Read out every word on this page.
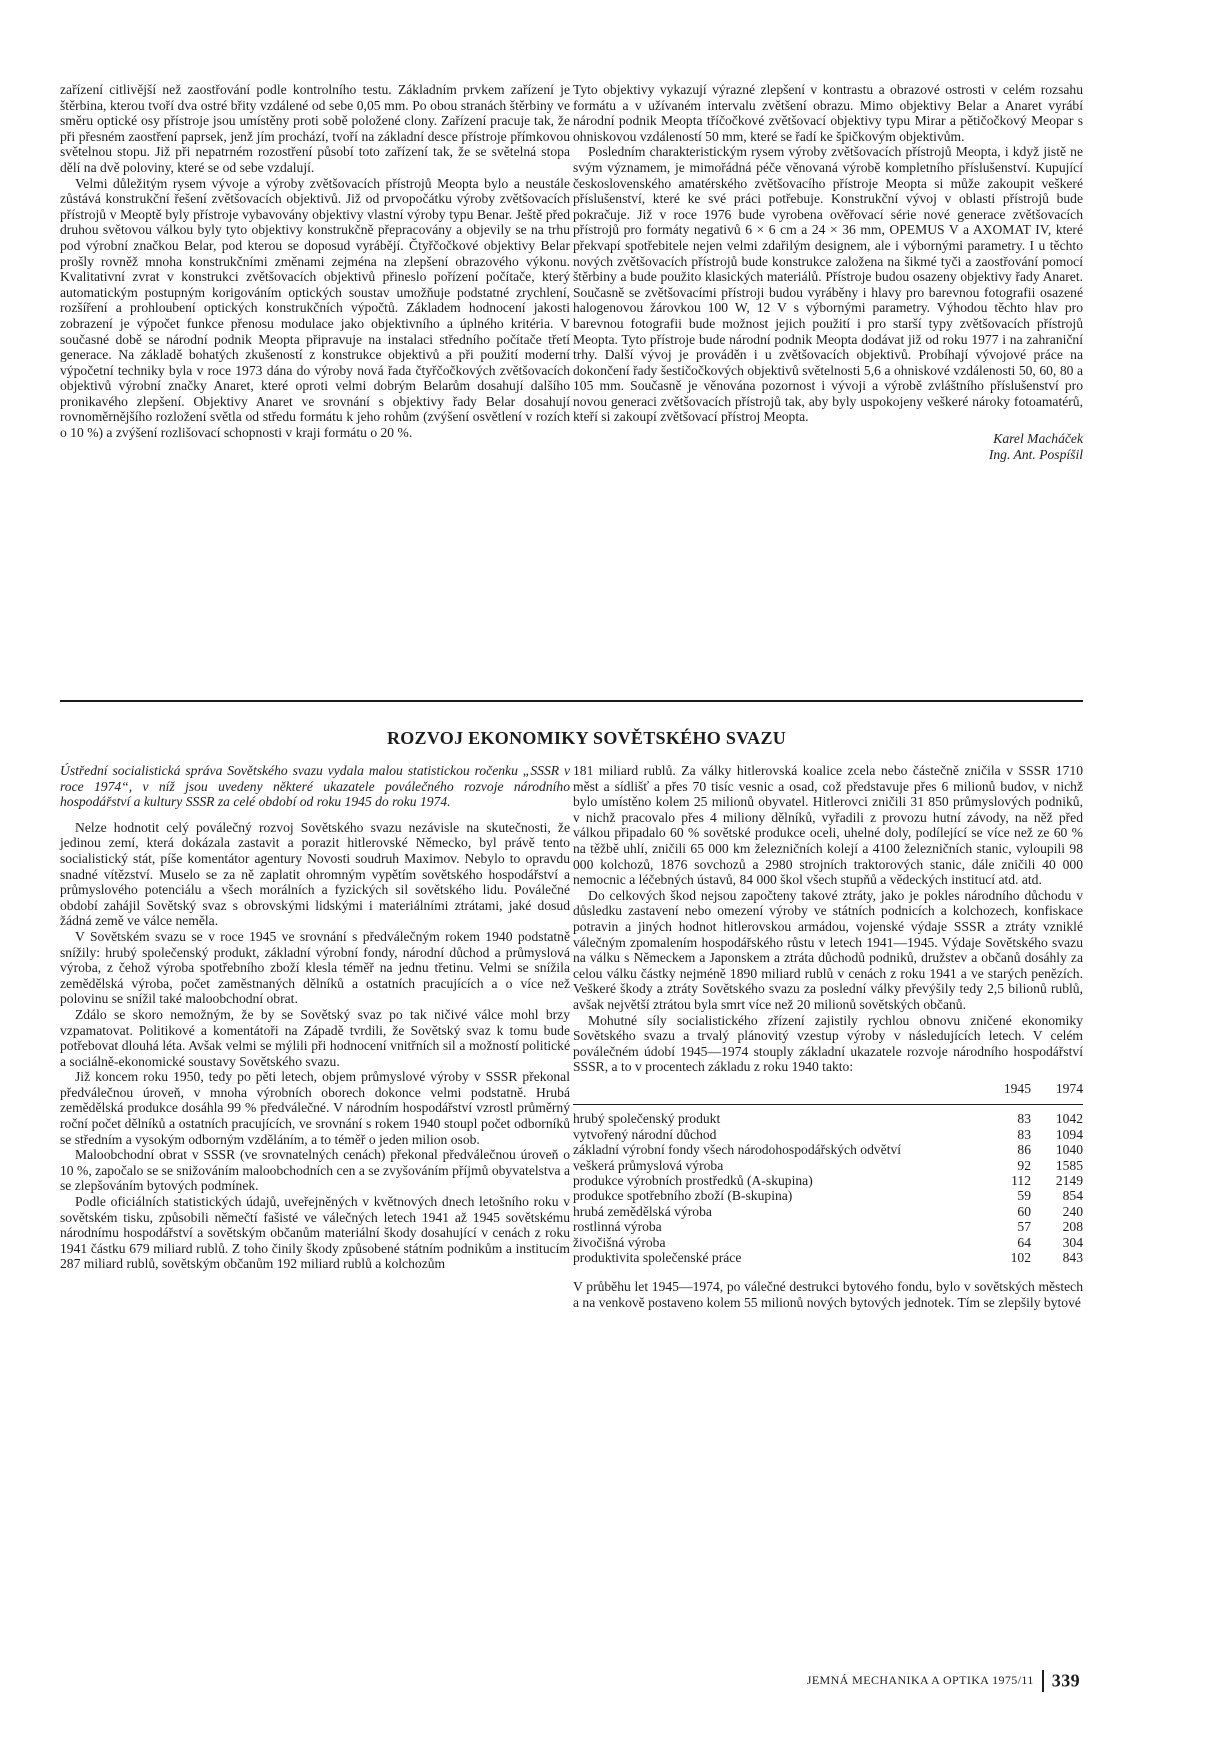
zařízení citlivější než zaostřování podle kontrolního testu. Základním prvkem zařízení je štěrbina, kterou tvoří dva ostré břity vzdálené od sebe 0,05 mm. Po obou stranách štěrbiny ve směru optické osy přístroje jsou umístěny proti sobě položené clony. Zařízení pracuje tak, že při přesném zaostření paprsek, jenž jím prochází, tvoří na základní desce přístroje přímkovou světelnou stopu. Již při nepatrném rozostření působí toto zařízení tak, že se světelná stopa dělí na dvě poloviny, které se od sebe vzdalují.

Velmi důležitým rysem vývoje a výroby zvětšovacích přístrojů Meopta bylo a neustále zůstává konstrukční řešení zvětšovacích objektivů. Již od prvopočátku výroby zvětšovacích přístrojů v Meoptě byly přístroje vybavovány objektivy vlastní výroby typu Benar. Ještě před druhou světovou válkou byly tyto objektivy konstrukčně přepracovány a objevily se na trhu pod výrobní značkou Belar, pod kterou se doposud vyrábějí. Čtyřčočkové objektivy Belar prošly rovněž mnoha konstrukčními změnami zejména na zlepšení obrazového výkonu. Kvalitativní zvrat v konstrukci zvětšovacích objektivů přineslo pořízení počítače, který automatickým postupným korigováním optických soustav umožňuje podstatné zrychlení, rozšíření a prohloubení optických konstrukčních výpočtů. Základem hodnocení jakosti zobrazení je výpočet funkce přenosu modulace jako objektivního a úplného kritéria. V současné době se národní podnik Meopta připravuje na instalaci středního počítače třetí generace. Na základě bohatých zkušeností z konstrukce objektivů a při použití moderní výpočetní techniky byla v roce 1973 dána do výroby nová řada čtyřčočkových zvětšovacích objektivů výrobní značky Anaret, které oproti velmi dobrým Belarům dosahují dalšího pronikavého zlepšení. Objektivy Anaret ve srovnání s objektivy řady Belar dosahují rovnoměrnějšího rozložení světla od středu formátu k jeho rohům (zvýšení osvětlení v rozích o 10 %) a zvýšení rozlišovací schopnosti v kraji formátu o 20 %.

Tyto objektivy vykazují výrazné zlepšení v kontrastu a obrazové ostrosti v celém rozsahu formátu a v užívaném intervalu zvětšení obrazu. Mimo objektivy Belar a Anaret vyrábí národní podnik Meopta tříčočkové zvětšovací objektivy typu Mirar a pětičočkový Meopar s ohniskovou vzdáleností 50 mm, které se řadí ke špičkovým objektivům.

Posledním charakteristickým rysem výroby zvětšovacích přístrojů Meopta, i když jistě ne svým významem, je mimořádná péče věnovaná výrobě kompletního příslušenství. Kupující československého amatérského zvětšovacího přístroje Meopta si může zakoupit veškeré příslušenství, které ke své práci potřebuje. Konstrukční vývoj v oblasti přístrojů bude pokračuje. Již v roce 1976 bude vyrobena ověřovací série nové generace zvětšovacích přístrojů pro formáty negativů 6 × 6 cm a 24 × 36 mm, OPEMUS V a AXOMAT IV, které překvapí spotřebitele nejen velmi zdařilým designem, ale i výbornými parametry. I u těchto nových zvětšovacích přístrojů bude konstrukce založena na šikmé tyči a zaostřování pomocí štěrbiny a bude použito klasických materiálů. Přístroje budou osazeny objektivy řady Anaret. Současně se zvětšovacími přístroji budou vyráběny i hlavy pro barevnou fotografii osazené halogenovou žárovkou 100 W, 12 V s výbornými parametry. Výhodou těchto hlav pro barevnou fotografii bude možnost jejich použití i pro starší typy zvětšovacích přístrojů Meopta. Tyto přístroje bude národní podnik Meopta dodávat již od roku 1977 i na zahraniční trhy. Další vývoj je prováděn i u zvětšovacích objektivů. Probíhají vývojové práce na dokončení řady šestičočkových objektivů světelnosti 5,6 a ohniskové vzdálenosti 50, 60, 80 a 105 mm. Současně je věnována pozornost i vývoji a výrobě zvláštního příslušenství pro novou generaci zvětšovacích přístrojů tak, aby byly uspokojeny veškeré nároky fotoamatérů, kteří si zakoupí zvětšovací přístroj Meopta.

Karel Macháček
Ing. Ant. Pospíšil
ROZVOJ EKONOMIKY SOVĚTSKÉHO SVAZU

Ústřední socialistická správa Sovětského svazu vydala malou statistickou ročenku „SSSR v roce 1974“, v níž jsou uvedeny některé ukazatele poválečného rozvoje národního hospodářství a kultury SSSR za celé období od roku 1945 do roku 1974.

Nelze hodnotit celý poválečný rozvoj Sovětského svazu nezávisle na skutečnosti, že jedinou zemí, která dokázala zastavit a porazit hitlerovské Německo, byl právě tento socialistický stát, píše komentátor agentury Novosti soudruh Maximov. Nebylo to opravdu snadné vítězství. Muselo se za ně zaplatit ohromným vypětím sovětského hospodářství a průmyslového potenciálu a všech morálních a fyzických sil sovětského lidu. Poválečné období zahájil Sovětský svaz s obrovskými lidskými i materiálními ztrátami, jaké dosud žádná země ve válce neměla.

V Sovětském svazu se v roce 1945 ve srovnání s předválečným rokem 1940 podstatně snížily: hrubý společenský produkt, základní výrobní fondy, národní důchod a průmyslová výroba, z čehož výroba spotřebního zboží klesla téměř na jednu třetinu. Velmi se snížila zemědělská výroba, počet zaměstnaných dělníků a ostatních pracujících a o více než polovinu se snížil také maloobchodní obrat.

Zdálo se skoro nemožným, že by se Sovětský svaz po tak ničivé válce mohl brzy vzpamatovat. Politikové a komentátoři na Západě tvrdili, že Sovětský svaz k tomu bude potřebovat dlouhá léta. Avšak velmi se mýlili při hodnocení vnitřních sil a možností politické a sociálně-ekonomické soustavy Sovětského svazu.

Již koncem roku 1950, tedy po pěti letech, objem průmyslové výroby v SSSR překonal předválečnou úroveň, v mnoha výrobních oborech dokonce velmi podstatně. Hrubá zemědělská produkce dosáhla 99 % předválečné. V národním hospodářství vzrostl průměrný roční počet dělníků a ostatních pracujících, ve srovnání s rokem 1940 stoupl počet odborníků se středním a vysokým odborným vzděláním, a to téměř o jeden milion osob.

Maloobchodní obrat v SSSR (ve srovnatelných cenách) překonal předválečnou úroveň o 10 %, započalo se se snižováním maloobchodních cen a se zvyšováním příjmů obyvatelstva a se zlepšováním bytových podmínek.

Podle oficiálních statistických údajů, uveřejněných v květnových dnech letošního roku v sovětském tisku, způsobili němečtí fašisté ve válečných letech 1941 až 1945 sovětskému národnímu hospodářství a sovětským občanům materiální škody dosahující v cenách z roku 1941 částku 679 miliard rublů. Z toho činily škody způsobené státním podnikům a institucím 287 miliard rublů, sovětským občanům 192 miliard rublů a kolchozům

181 miliard rublů. Za války hitlerovská koalice zcela nebo částečně zničila v SSSR 1710 měst a sídlišť a přes 70 tisíc vesnic a osad, což představuje přes 6 milionů budov, v nichž bylo umístěno kolem 25 milionů obyvatel. Hitlerovci zničili 31 850 průmyslových podniků, v nichž pracovalo přes 4 miliony dělníků, vyřadili z provozu hutní závody, na něž před válkou připadalo 60 % sovětské produkce oceli, uhelné doly, podílející se více než ze 60 % na těžbě uhlí, zničili 65 000 km železničních kolejí a 4100 železničních stanic, vyloupili 98 000 kolchozů, 1876 sovchozů a 2980 strojních traktorových stanic, dále zničili 40 000 nemocnic a léčebných ústavů, 84 000 škol všech stupňů a vědeckých institucí atd. atd.

Do celkových škod nejsou započteny takové ztráty, jako je pokles národního důchodu v důsledku zastavení nebo omezení výroby ve státních podnicích a kolchozech, konfiskace potravin a jiných hodnot hitlerovskou armádou, vojenské výdaje SSSR a ztráty vzniklé válečným zpomalením hospodářského růstu v letech 1941—1945. Výdaje Sovětského svazu na válku s Německem a Japonskem a ztráta důchodů podniků, družstev a občanů dosáhly za celou válku částky nejméně 1890 miliard rublů v cenách z roku 1941 a ve starých penězích. Veškeré škody a ztráty Sovětského svazu za poslední války převýšily tedy 2,5 bilionů rublů, avšak největší ztrátou byla smrt více než 20 milionů sovětských občanů.

Mohutné síly socialistického zřízení zajistily rychlou obnovu zničené ekonomiky Sovětského svazu a trvalý plánovitý vzestup výroby v následujících letech. V celém poválečném údobí 1945—1974 stouply základní ukazatele rozvoje národního hospodářství SSSR, a to v procentech základu z roku 1940 takto:

	1945	1974
hrubý společenský produkt	83	1042
vytvořený národní důchod	83	1094
základní výrobní fondy všech národohospodářských odvětví	86	1040
veškerá průmyslová výroba	92	1585
produkce výrobních prostředků (A-skupina)	112	2149
produkce spotřebního zboží (B-skupina)	59	854
hrubá zemědělská výroba	60	240
rostlinná výroba	57	208
živočišná výroba	64	304
produktivita společenské práce	102	843

V průběhu let 1945—1974, po válečné destrukci bytového fondu, bylo v sovětských městech a na venkově postaveno kolem 55 milionů nových bytových jednotek. Tím se zlepšily bytové

JEMNÁ MECHANIKA A OPTIKA 1975/11 339
